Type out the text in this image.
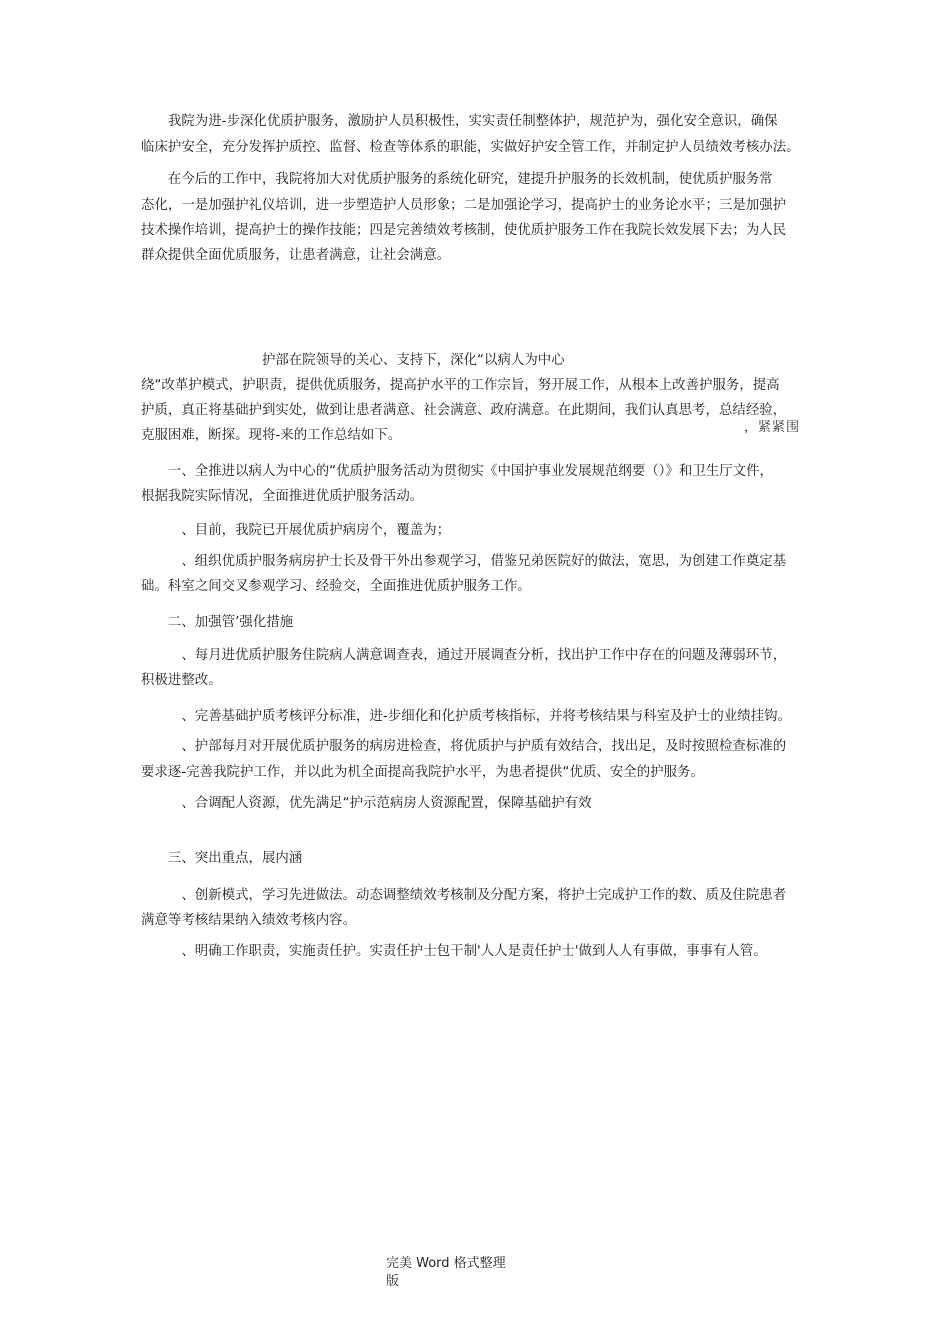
　　我院为进-步深化优质护服务，激励护人员积极性，实实责任制整体护，规范护为，强化安全意识，确保
临床护安全，充分发挥护质控、监督、检查等体系的职能，实做好护安全管工作，并制定护人员绩效考核办法。
　　在今后的工作中，我院将加大对优质护服务的系统化研究，建提升护服务的长效机制，使优质护服务常
态化，一是加强护礼仪培训，进一步塑造护人员形象；二是加强论学习，提高护士的业务论水平；三是加强护
技术操作培训，提高护士的操作技能；四是完善绩效考核制，使优质护服务工作在我院长效发展下去；为人民
群众提供全面优质服务，让患者满意，让社会满意。
　　　　　　　　　护部在院领导的关心、支持下，深化“以病人为中心
绕“改革护模式，护职责，提供优质服务，提高护水平的工作宗旨，努开展工作，从根本上改善护服务，提高
护质，真正将基础护到实处，做到让患者满意、社会满意、政府满意。在此期间，我们认真思考，总结经验，
克服困难，断探。现将-来的工作总结如下。
，紧紧围
　　一、全推进以病人为中心的“优质护服务活动为贯彻实《中国护事业发展规范纲要（）》和卫生厅文件，
根据我院实际情况，全面推进优质护服务活动。
　　　、目前，我院已开展优质护病房个，覆盖为；
　　　、组织优质护服务病房护士长及骨干外出参观学习，借鉴兄弟医院好的做法，宽思，为创建工作奠定基
础。科室之间交叉参观学习、经验交，全面推进优质护服务工作。
　　二、加强管’强化措施
　　　、每月进优质护服务住院病人满意调查表，通过开展调查分析，找出护工作中存在的问题及薄弱环节，
积极进整改。
　　　、完善基础护质考核评分标准，进-步细化和化护质考核指标，并将考核结果与科室及护士的业绩挂钩。
　　　、护部每月对开展优质护服务的病房进检查，将优质护与护质有效结合，找出足，及时按照检查标准的
要求逐-完善我院护工作，并以此为机全面提高我院护水平，为患者提供“优质、安全的护服务。
　　　、合调配人资源，优先满足“护示范病房人资源配置，保障基础护有效
　　三、突出重点，展内涵
　　　、创新模式，学习先进做法。动态调整绩效考核制及分配方案，将护士完成护工作的数、质及住院患者
满意等考核结果纳入绩效考核内容。
　　　、明确工作职责，实施责任护。实责任护士包干制'人人是责任护士'做到人人有事做，事事有人管。
完美 Word 格式整理
版
